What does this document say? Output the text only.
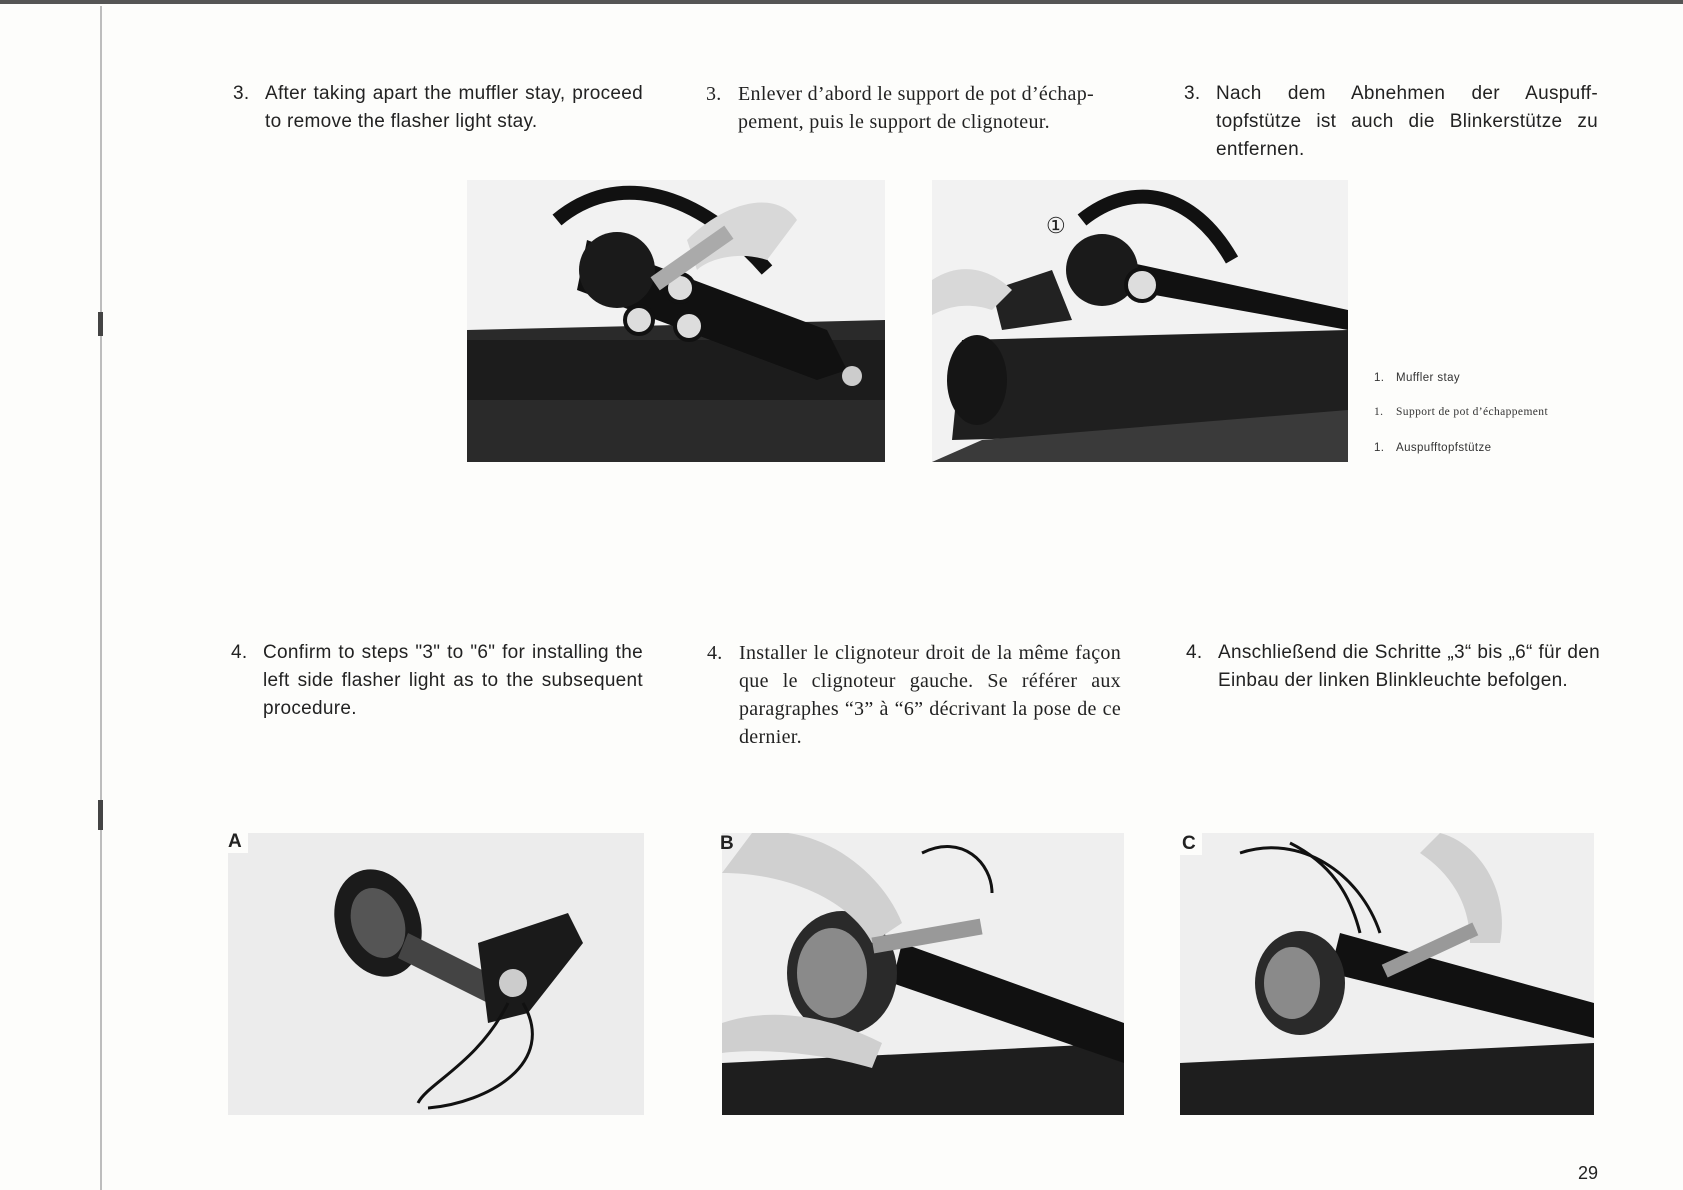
3. After taking apart the muffler stay, proceed to remove the flasher light stay.
3. Enlever d’abord le support de pot d’échap-pement, puis le support de clignoteur.
3. Nach dem Abnehmen der Auspuff-topfstütze ist auch die Blinkerstütze zu entfernen.
①
1. Muffler stay
1. Support de pot d’échappement
1. Auspufftopfstütze
4. Confirm to steps "3" to "6" for installing the left side flasher light as to the subsequent procedure.
4. Installer le clignoteur droit de la même façon que le clignoteur gauche. Se référer aux paragraphes “3” à “6” décrivant la pose de ce dernier.
4. Anschließend die Schritte „3“ bis „6“ für den Einbau der linken Blinkleuchte befolgen.
A	B	C
29
